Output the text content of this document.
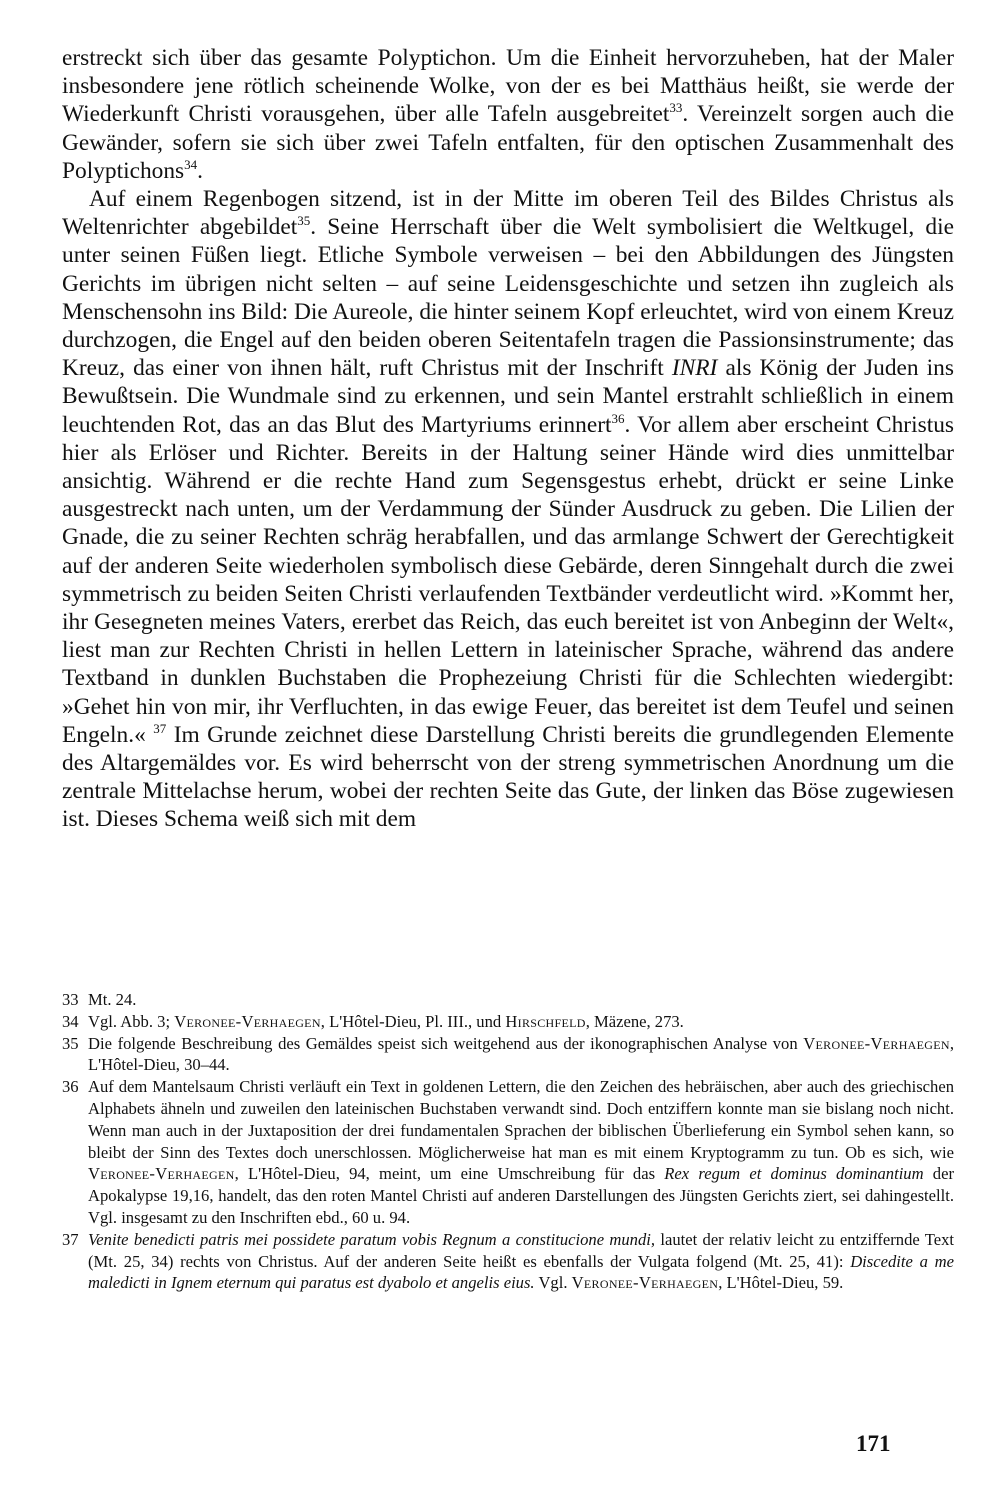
erstreckt sich über das gesamte Polyptichon. Um die Einheit hervorzuheben, hat der Maler insbesondere jene rötlich scheinende Wolke, von der es bei Matthäus heißt, sie werde der Wiederkunft Christi vorausgehen, über alle Tafeln ausgebreitet$^{33}$. Vereinzelt sorgen auch die Gewänder, sofern sie sich über zwei Tafeln entfalten, für den optischen Zusammenhalt des Polyptichons$^{34}$.

Auf einem Regenbogen sitzend, ist in der Mitte im oberen Teil des Bildes Christus als Weltenrichter abgebildet$^{35}$. Seine Herrschaft über die Welt symbolisiert die Weltkugel, die unter seinen Füßen liegt. Etliche Symbole verweisen – bei den Abbildungen des Jüngsten Gerichts im übrigen nicht selten – auf seine Leidensgeschichte und setzen ihn zugleich als Menschensohn ins Bild: Die Aureole, die hinter seinem Kopf erleuchtet, wird von einem Kreuz durchzogen, die Engel auf den beiden oberen Seitentafeln tragen die Passionsinstrumente; das Kreuz, das einer von ihnen hält, ruft Christus mit der Inschrift INRI als König der Juden ins Bewußtsein. Die Wundmale sind zu erkennen, und sein Mantel erstrahlt schließlich in einem leuchtenden Rot, das an das Blut des Martyriums erinnert$^{36}$. Vor allem aber erscheint Christus hier als Erlöser und Richter. Bereits in der Haltung seiner Hände wird dies unmittelbar ansichtig. Während er die rechte Hand zum Segensgestus erhebt, drückt er seine Linke ausgestreckt nach unten, um der Verdammung der Sünder Ausdruck zu geben. Die Lilien der Gnade, die zu seiner Rechten schräg herabfallen, und das armlange Schwert der Gerechtigkeit auf der anderen Seite wiederholen symbolisch diese Gebärde, deren Sinngehalt durch die zwei symmetrisch zu beiden Seiten Christi verlaufenden Textbänder verdeutlicht wird. »Kommt her, ihr Gesegneten meines Vaters, ererbet das Reich, das euch bereitet ist von Anbeginn der Welt«, liest man zur Rechten Christi in hellen Lettern in lateinischer Sprache, während das andere Textband in dunklen Buchstaben die Prophezeiung Christi für die Schlechten wiedergibt: »Gehet hin von mir, ihr Verfluchten, in das ewige Feuer, das bereitet ist dem Teufel und seinen Engeln.« $^{37}$ Im Grunde zeichnet diese Darstellung Christi bereits die grundlegenden Elemente des Altargemäldes vor. Es wird beherrscht von der streng symmetrischen Anordnung um die zentrale Mittelachse herum, wobei der rechten Seite das Gute, der linken das Böse zugewiesen ist. Dieses Schema weiß sich mit dem

33 Mt. 24.

34 Vgl. Abb. 3; Veronee-Verhaegen, L'Hôtel-Dieu, Pl. III., und Hirschfeld, Mäzene, 273.

35 Die folgende Beschreibung des Gemäldes speist sich weitgehend aus der ikonographischen Analyse von Veronee-Verhaegen, L'Hôtel-Dieu, 30–44.

36 Auf dem Mantelsaum Christi verläuft ein Text in goldenen Lettern, die den Zeichen des hebräischen, aber auch des griechischen Alphabets ähneln und zuweilen den lateinischen Buchstaben verwandt sind. Doch entziffern konnte man sie bislang noch nicht. Wenn man auch in der Juxtaposition der drei fundamentalen Sprachen der biblischen Überlieferung ein Symbol sehen kann, so bleibt der Sinn des Textes doch unerschlossen. Möglicherweise hat man es mit einem Kryptogramm zu tun. Ob es sich, wie Veronee-Verhaegen, L'Hôtel-Dieu, 94, meint, um eine Umschreibung für das Rex regum et dominus dominantium der Apokalypse 19,16, handelt, das den roten Mantel Christi auf anderen Darstellungen des Jüngsten Gerichts ziert, sei dahingestellt. Vgl. insgesamt zu den Inschriften ebd., 60 u. 94.

37 Venite benedicti patris mei possidete paratum vobis Regnum a constitucione mundi, lautet der relativ leicht zu entziffernde Text (Mt. 25, 34) rechts von Christus. Auf der anderen Seite heißt es ebenfalls der Vulgata folgend (Mt. 25, 41): Discedite a me maledicti in Ignem eternum qui paratus est dyabolo et angelis eius. Vgl. Veronee-Verhaegen, L'Hôtel-Dieu, 59.

171
